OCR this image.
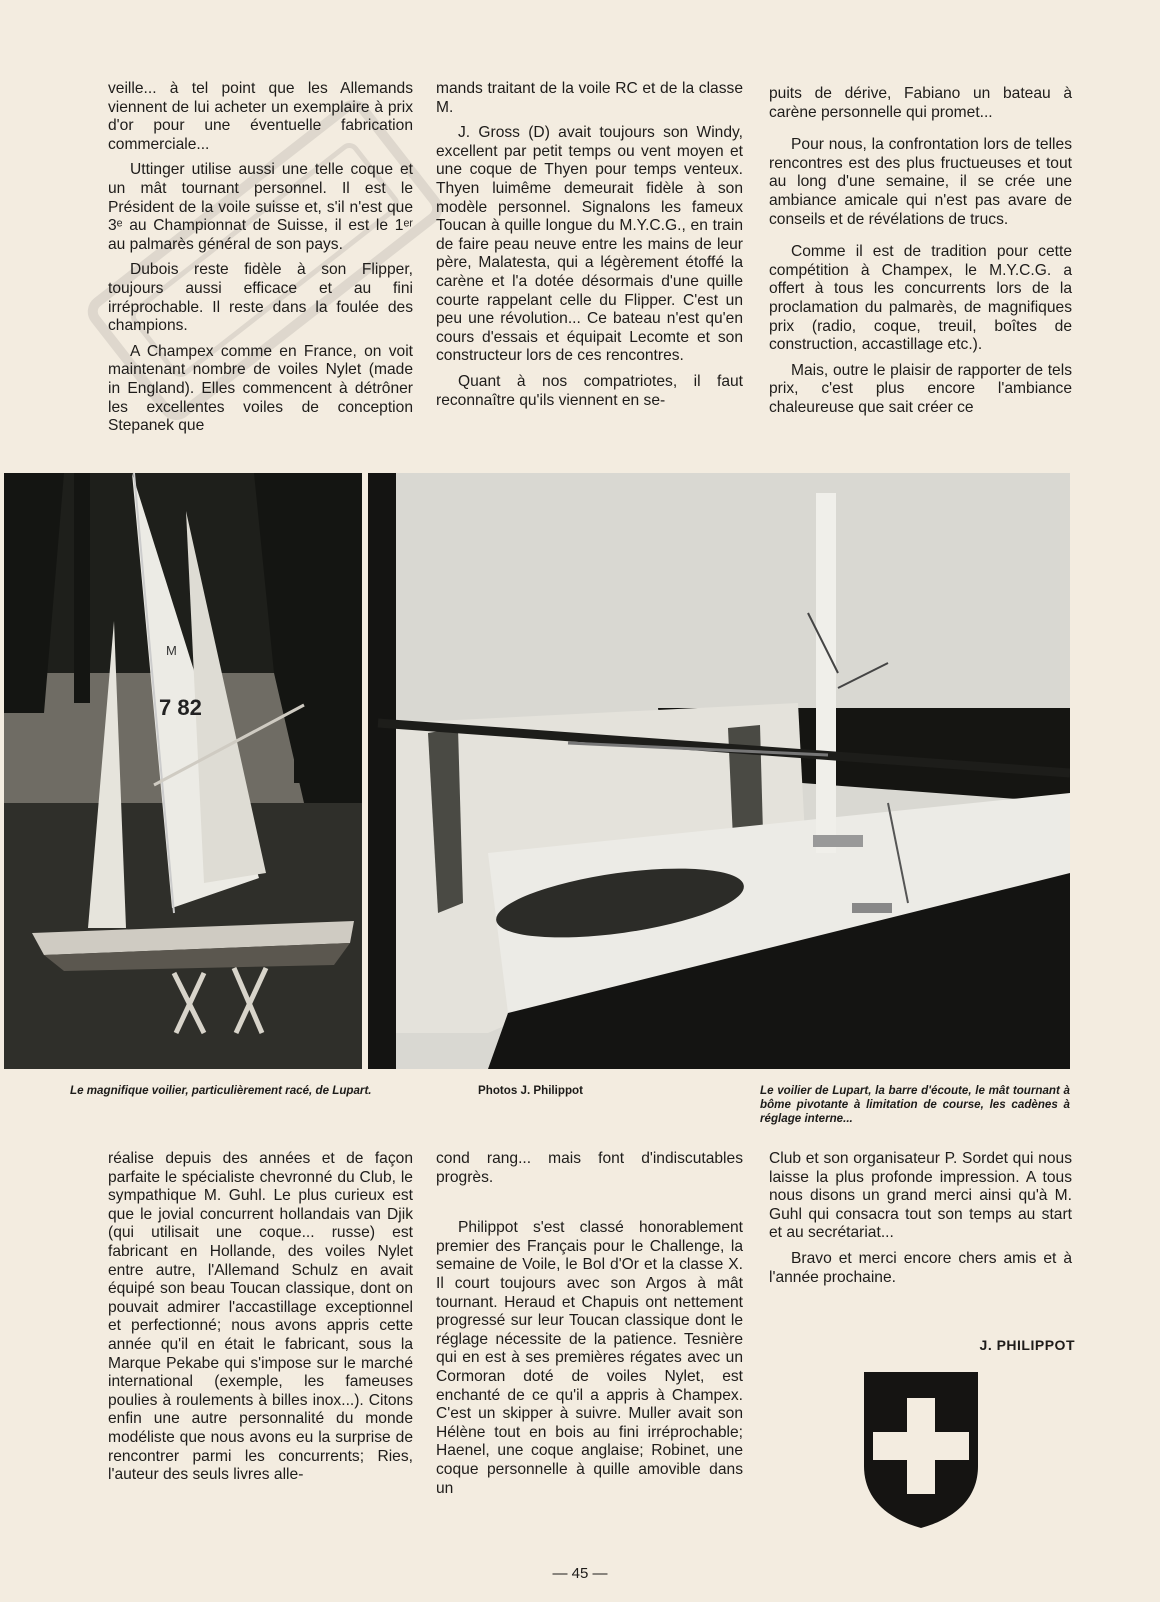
veille... à tel point que les Allemands viennent de lui acheter un exemplaire à prix d'or pour une éventuelle fabrication commerciale...

Uttinger utilise aussi une telle coque et un mât tournant personnel. Il est le Président de la voile suisse et, s'il n'est que 3ᵉ au Championnat de Suisse, il est le 1ᵉʳ au palmarès général de son pays.

Dubois reste fidèle à son Flipper, toujours aussi efficace et au fini irréprochable. Il reste dans la foulée des champions.

A Champex comme en France, on voit maintenant nombre de voiles Nylet (made in England). Elles commencent à détrôner les excellentes voiles de conception Stepanek que

mands traitant de la voile RC et de la classe M.

J. Gross (D) avait toujours son Windy, excellent par petit temps ou vent moyen et une coque de Thyen pour temps venteux. Thyen luimême demeurait fidèle à son modèle personnel. Signalons les fameux Toucan à quille longue du M.Y.C.G., en train de faire peau neuve entre les mains de leur père, Malatesta, qui a légèrement étoffé la carène et l'a dotée désormais d'une quille courte rappelant celle du Flipper. C'est un peu une révolution... Ce bateau n'est qu'en cours d'essais et équipait Lecomte et son constructeur lors de ces rencontres.

Quant à nos compatriotes, il faut reconnaître qu'ils viennent en se-

puits de dérive, Fabiano un bateau à carène personnelle qui promet...

Pour nous, la confrontation lors de telles rencontres est des plus fructueuses et tout au long d'une semaine, il se crée une ambiance amicale qui n'est pas avare de conseils et de révélations de trucs.

Comme il est de tradition pour cette compétition à Champex, le M.Y.C.G. a offert à tous les concurrents lors de la proclamation du palmarès, de magnifiques prix (radio, coque, treuil, boîtes de construction, accastillage etc.).

Mais, outre le plaisir de rapporter de tels prix, c'est plus encore l'ambiance chaleureuse que sait créer ce

M
7 82
Le magnifique voilier, particulièrement racé, de Lupart.	Photos J. Philippot	Le voilier de Lupart, la barre d'écoute, le mât tournant à bôme pivotante à limitation de course, les cadènes à réglage interne...

réalise depuis des années et de façon parfaite le spécialiste chevronné du Club, le sympathique M. Guhl. Le plus curieux est que le jovial concurrent hollandais van Djik (qui utilisait une coque... russe) est fabricant en Hollande, des voiles Nylet entre autre, l'Allemand Schulz en avait équipé son beau Toucan classique, dont on pouvait admirer l'accastillage exceptionnel et perfectionné; nous avons appris cette année qu'il en était le fabricant, sous la Marque Pekabe qui s'impose sur le marché international (exemple, les fameuses poulies à roulements à billes inox...). Citons enfin une autre personnalité du monde modéliste que nous avons eu la surprise de rencontrer parmi les concurrents; Ries, l'auteur des seuls livres alle-

cond rang... mais font d'indiscutables progrès.

Philippot s'est classé honorablement premier des Français pour le Challenge, la semaine de Voile, le Bol d'Or et la classe X. Il court toujours avec son Argos à mât tournant. Heraud et Chapuis ont nettement progressé sur leur Toucan classique dont le réglage nécessite de la patience. Tesnière qui en est à ses premières régates avec un Cormoran doté de voiles Nylet, est enchanté de ce qu'il a appris à Champex. C'est un skipper à suivre. Muller avait son Hélène tout en bois au fini irréprochable; Haenel, une coque anglaise; Robinet, une coque personnelle à quille amovible dans un

Club et son organisateur P. Sordet qui nous laisse la plus profonde impression. A tous nous disons un grand merci ainsi qu'à M. Guhl qui consacra tout son temps au start et au secrétariat...

Bravo et merci encore chers amis et à l'année prochaine.

J. PHILIPPOT
— 45 —
